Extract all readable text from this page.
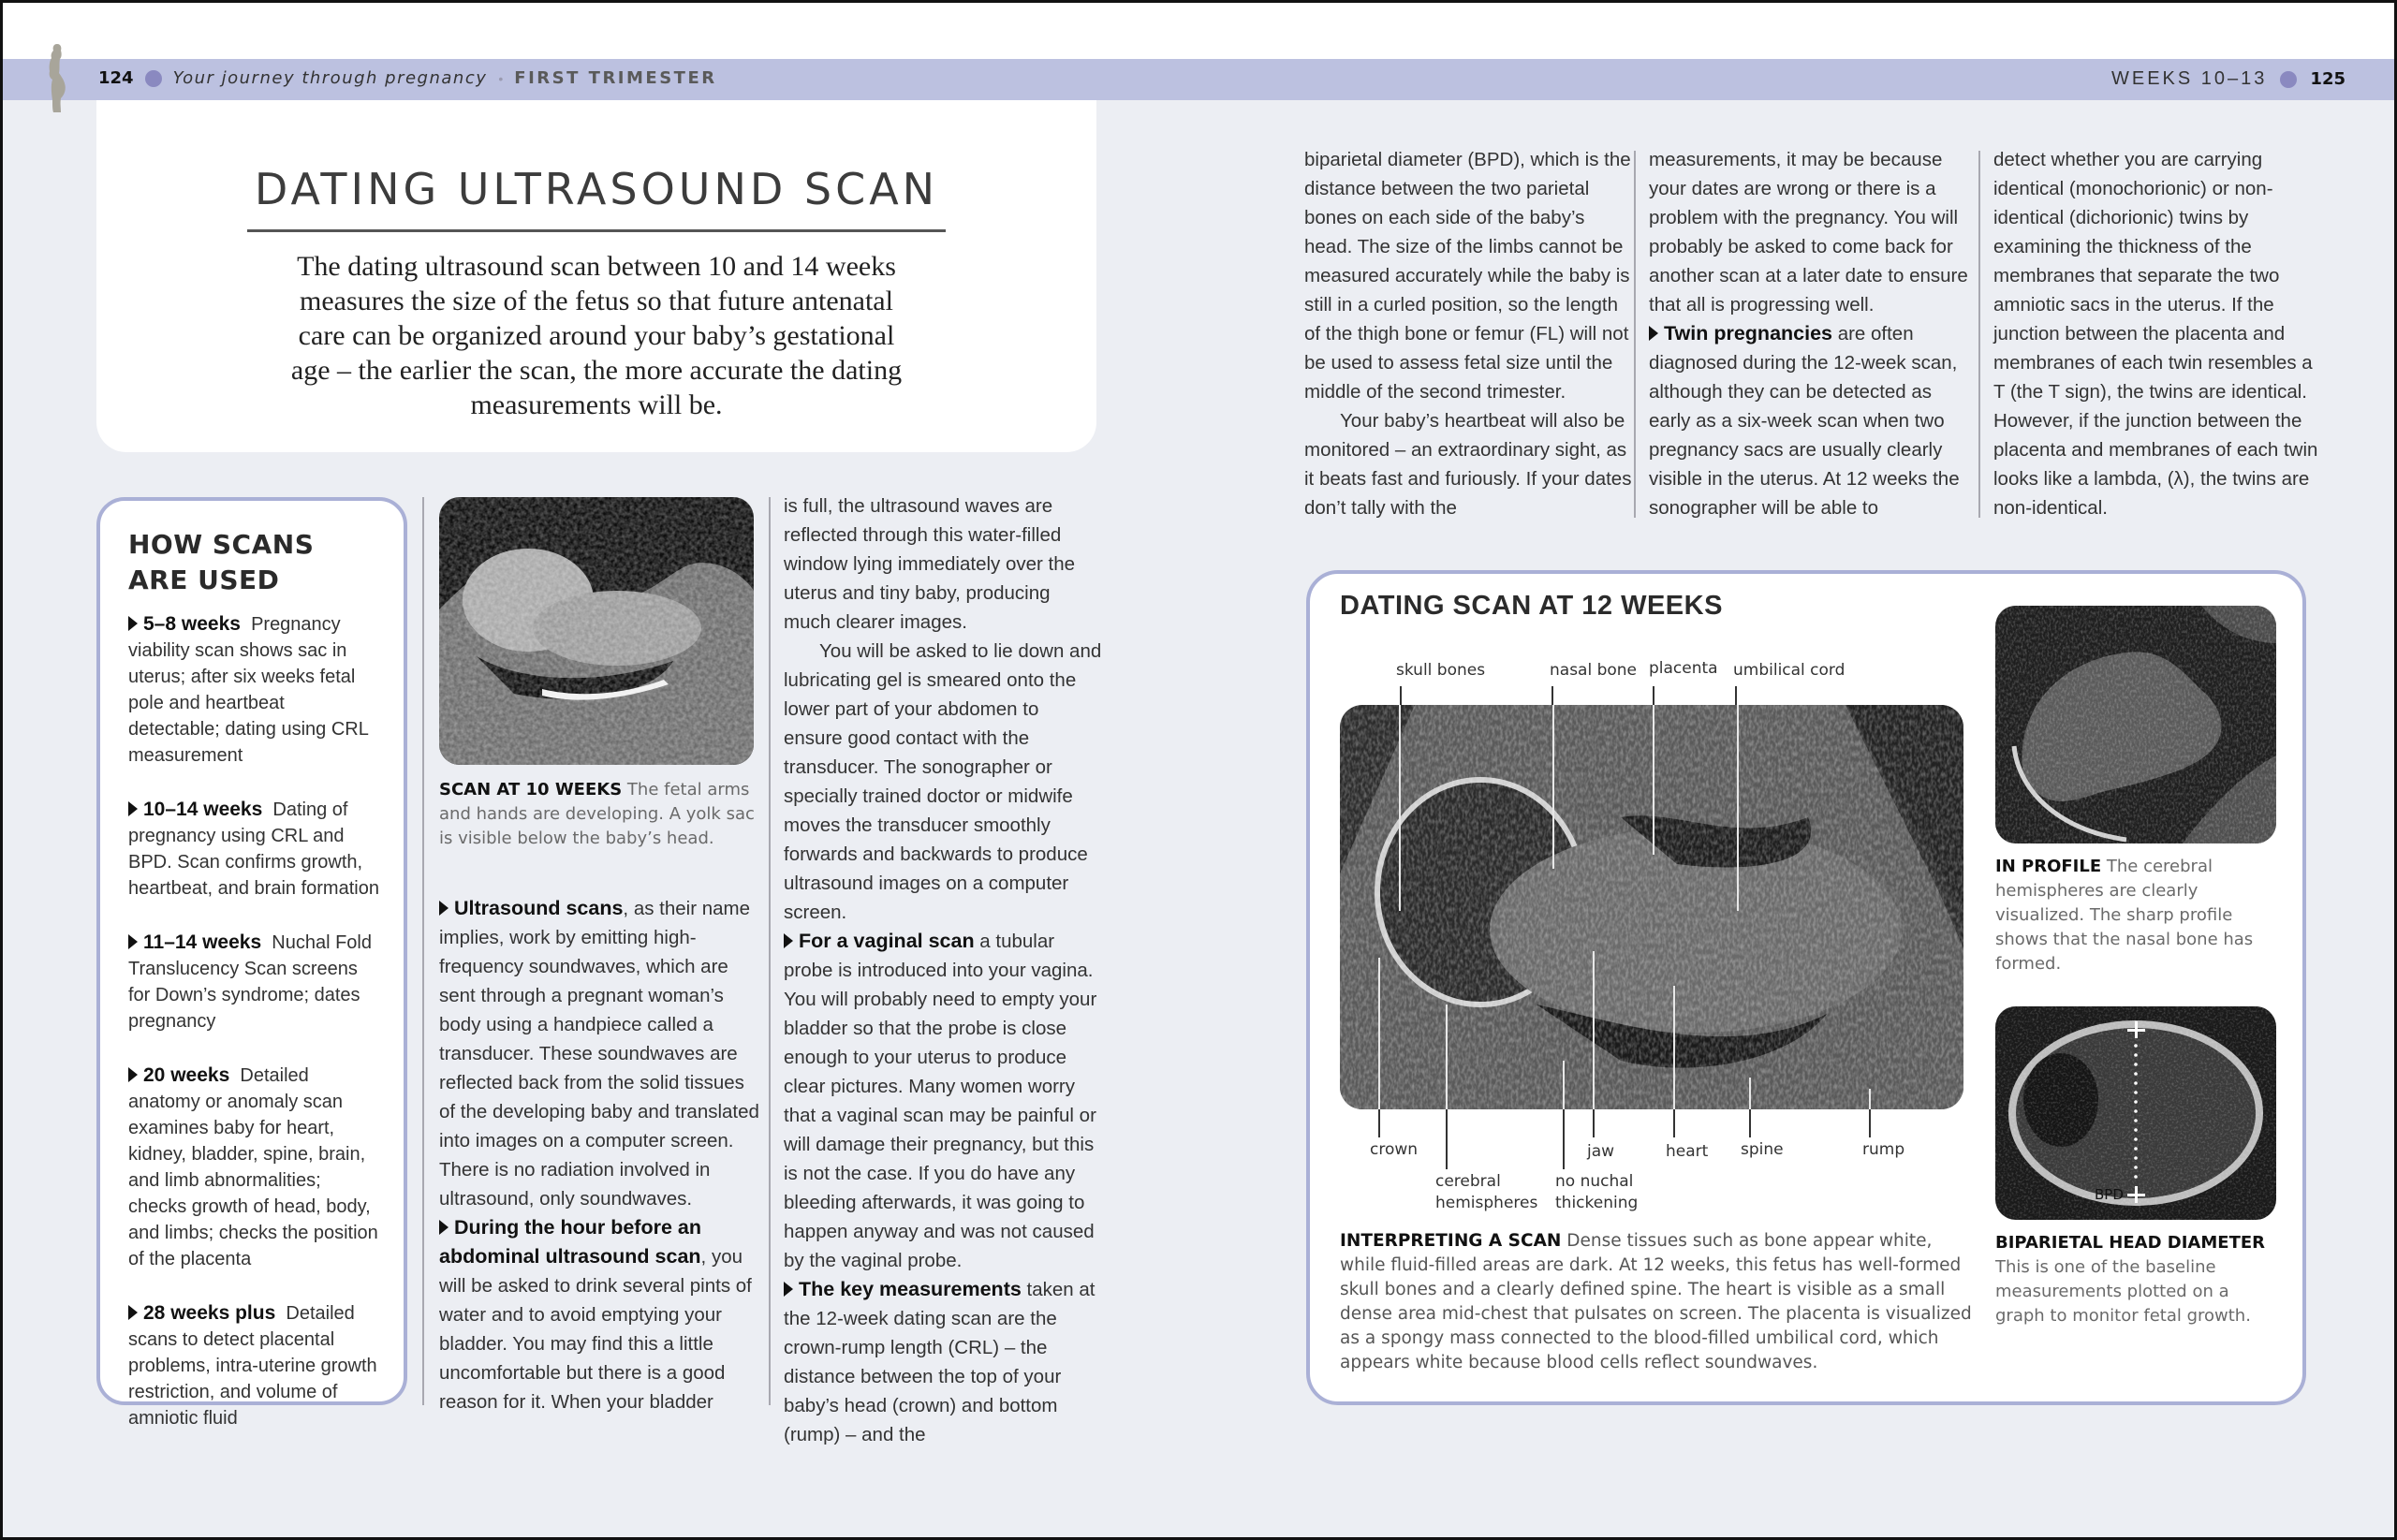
124 Your journey through pregnancy • FIRST TRIMESTER	WEEKS 10–13	125
DATING ULTRASOUND SCAN

The dating ultrasound scan between 10 and 14 weeks measures the size of the fetus so that future antenatal care can be organized around your baby’s gestational age – the earlier the scan, the more accurate the dating measurements will be.

HOW SCANS
ARE USED
5–8 weeks Pregnancy viability scan shows sac in uterus; after six weeks fetal pole and heartbeat detectable; dating using CRL measurement
10–14 weeks Dating of pregnancy using CRL and BPD. Scan confirms growth, heartbeat, and brain formation
11–14 weeks Nuchal Fold Translucency Scan screens for Down’s syndrome; dates pregnancy
20 weeks Detailed anatomy or anomaly scan examines baby for heart, kidney, bladder, spine, brain, and limb abnormalities; checks growth of head, body, and limbs; checks the position of the placenta
28 weeks plus Detailed scans to detect placental problems, intra-uterine growth restriction, and volume of amniotic fluid
SCAN AT 10 WEEKS The fetal arms and hands are developing. A yolk sac is visible below the baby’s head.

Ultrasound scans, as their name implies, work by emitting high-frequency soundwaves, which are sent through a pregnant woman’s body using a handpiece called a transducer. These soundwaves are reflected back from the solid tissues of the developing baby and translated into images on a computer screen. There is no radiation involved in ultrasound, only soundwaves.

During the hour before an abdominal ultrasound scan, you will be asked to drink several pints of water and to avoid emptying your bladder. You may find this a little uncomfortable but there is a good reason for it. When your bladder

is full, the ultrasound waves are reflected through this water-filled window lying immediately over the uterus and tiny baby, producing much clearer images.

You will be asked to lie down and lubricating gel is smeared onto the lower part of your abdomen to ensure good contact with the transducer. The sonographer or specially trained doctor or midwife moves the transducer smoothly forwards and backwards to produce ultrasound images on a computer screen.

For a vaginal scan a tubular probe is introduced into your vagina. You will probably need to empty your bladder so that the probe is close enough to your uterus to produce clear pictures. Many women worry that a vaginal scan may be painful or will damage their pregnancy, but this is not the case. If you do have any bleeding afterwards, it was going to happen anyway and was not caused by the vaginal probe.

The key measurements taken at the 12-week dating scan are the crown-rump length (CRL) – the distance between the top of your baby’s head (crown) and bottom (rump) – and the

biparietal diameter (BPD), which is the distance between the two parietal bones on each side of the baby’s head. The size of the limbs cannot be measured accurately while the baby is still in a curled position, so the length of the thigh bone or femur (FL) will not be used to assess fetal size until the middle of the second trimester.

Your baby’s heartbeat will also be monitored – an extraordinary sight, as it beats fast and furiously. If your dates don’t tally with the

measurements, it may be because your dates are wrong or there is a problem with the pregnancy. You will probably be asked to come back for another scan at a later date to ensure that all is progressing well.

Twin pregnancies are often diagnosed during the 12-week scan, although they can be detected as early as a six-week scan when two pregnancy sacs are usually clearly visible in the uterus. At 12 weeks the sonographer will be able to

detect whether you are carrying identical (monochorionic) or non-identical (dichorionic) twins by examining the thickness of the membranes that separate the two amniotic sacs in the uterus. If the junction between the placenta and membranes of each twin resembles a T (the T sign), the twins are identical. However, if the junction between the placenta and membranes of each twin looks like a lambda, (λ), the twins are non-identical.

DATING SCAN AT 12 WEEKS
skull bones	nasal bone placenta umbilical cord
crown
cerebral hemispheres
no nuchal thickening
jaw	heart spine	rump
INTERPRETING A SCAN Dense tissues such as bone appear white, while fluid-filled areas are dark. At 12 weeks, this fetus has well-formed skull bones and a clearly defined spine. The heart is visible as a small dense area mid-chest that pulsates on screen. The placenta is visualized as a spongy mass connected to the blood-filled umbilical cord, which appears white because blood cells reflect soundwaves.
IN PROFILE The cerebral hemispheres are clearly visualized. The sharp profile shows that the nasal bone has formed.
BPD
BIPARIETAL HEAD DIAMETER This is one of the baseline measurements plotted on a graph to monitor fetal growth.
